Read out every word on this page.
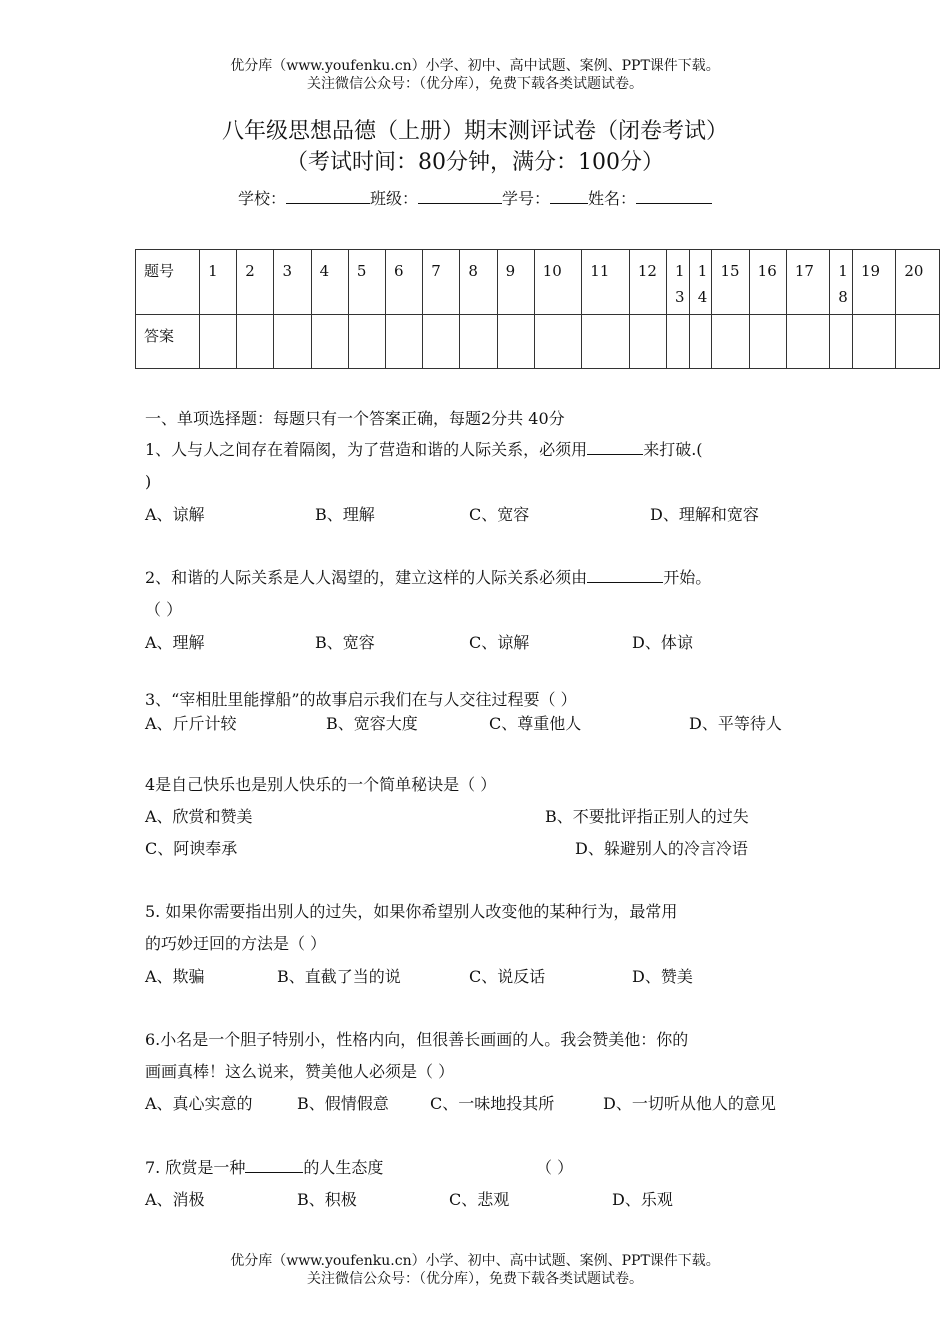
优分库（www.youfenku.cn）小学、初中、高中试题、案例、PPT课件下载。
关注微信公众号：（优分库），免费下载各类试题试卷。
八年级思想品德（上册）期末测评试卷（闭卷考试）
（考试时间：80分钟，满分：100分）
学校：	班级：	学号： 姓名：
题号	1	2	3	4	5	6	7	8	9	10	11	12	13	14	15	16	17	18	19	20
答案																				
一、单项选择题：每题只有一个答案正确，每题2分共 40分
1、人与人之间存在着隔阂，为了营造和谐的人际关系，必须用	来打破.(
)
A、谅解	B、理解	C、宽容	D、理解和宽容
2、和谐的人际关系是人人渴望的，建立这样的人际关系必须由	开始。
（ ）
A、理解	B、宽容	C、谅解	D、体谅
3、“宰相肚里能撑船”的故事启示我们在与人交往过程要（ ）
A、斤斤计较	B、宽容大度	C、尊重他人	D、平等待人
4是自己快乐也是别人快乐的一个简单秘诀是（ ）
A、欣赏和赞美	B、不要批评指正别人的过失
C、阿谀奉承	D、躲避别人的冷言冷语
5. 如果你需要指出别人的过失，如果你希望别人改变他的某种行为，最常用
的巧妙迂回的方法是（ ）
A、欺骗	B、直截了当的说	C、说反话	D、赞美
6.小名是一个胆子特别小，性格内向，但很善长画画的人。我会赞美他：你的
画画真棒！这么说来，赞美他人必须是（ ）
A、真心实意的	B、假情假意	C、一味地投其所	D、一切听从他人的意见
7. 欣赏是一种	的人生态度	（ ）
A、消极	B、积极	C、悲观	D、乐观
优分库（www.youfenku.cn）小学、初中、高中试题、案例、PPT课件下载。
关注微信公众号：（优分库），免费下载各类试题试卷。
